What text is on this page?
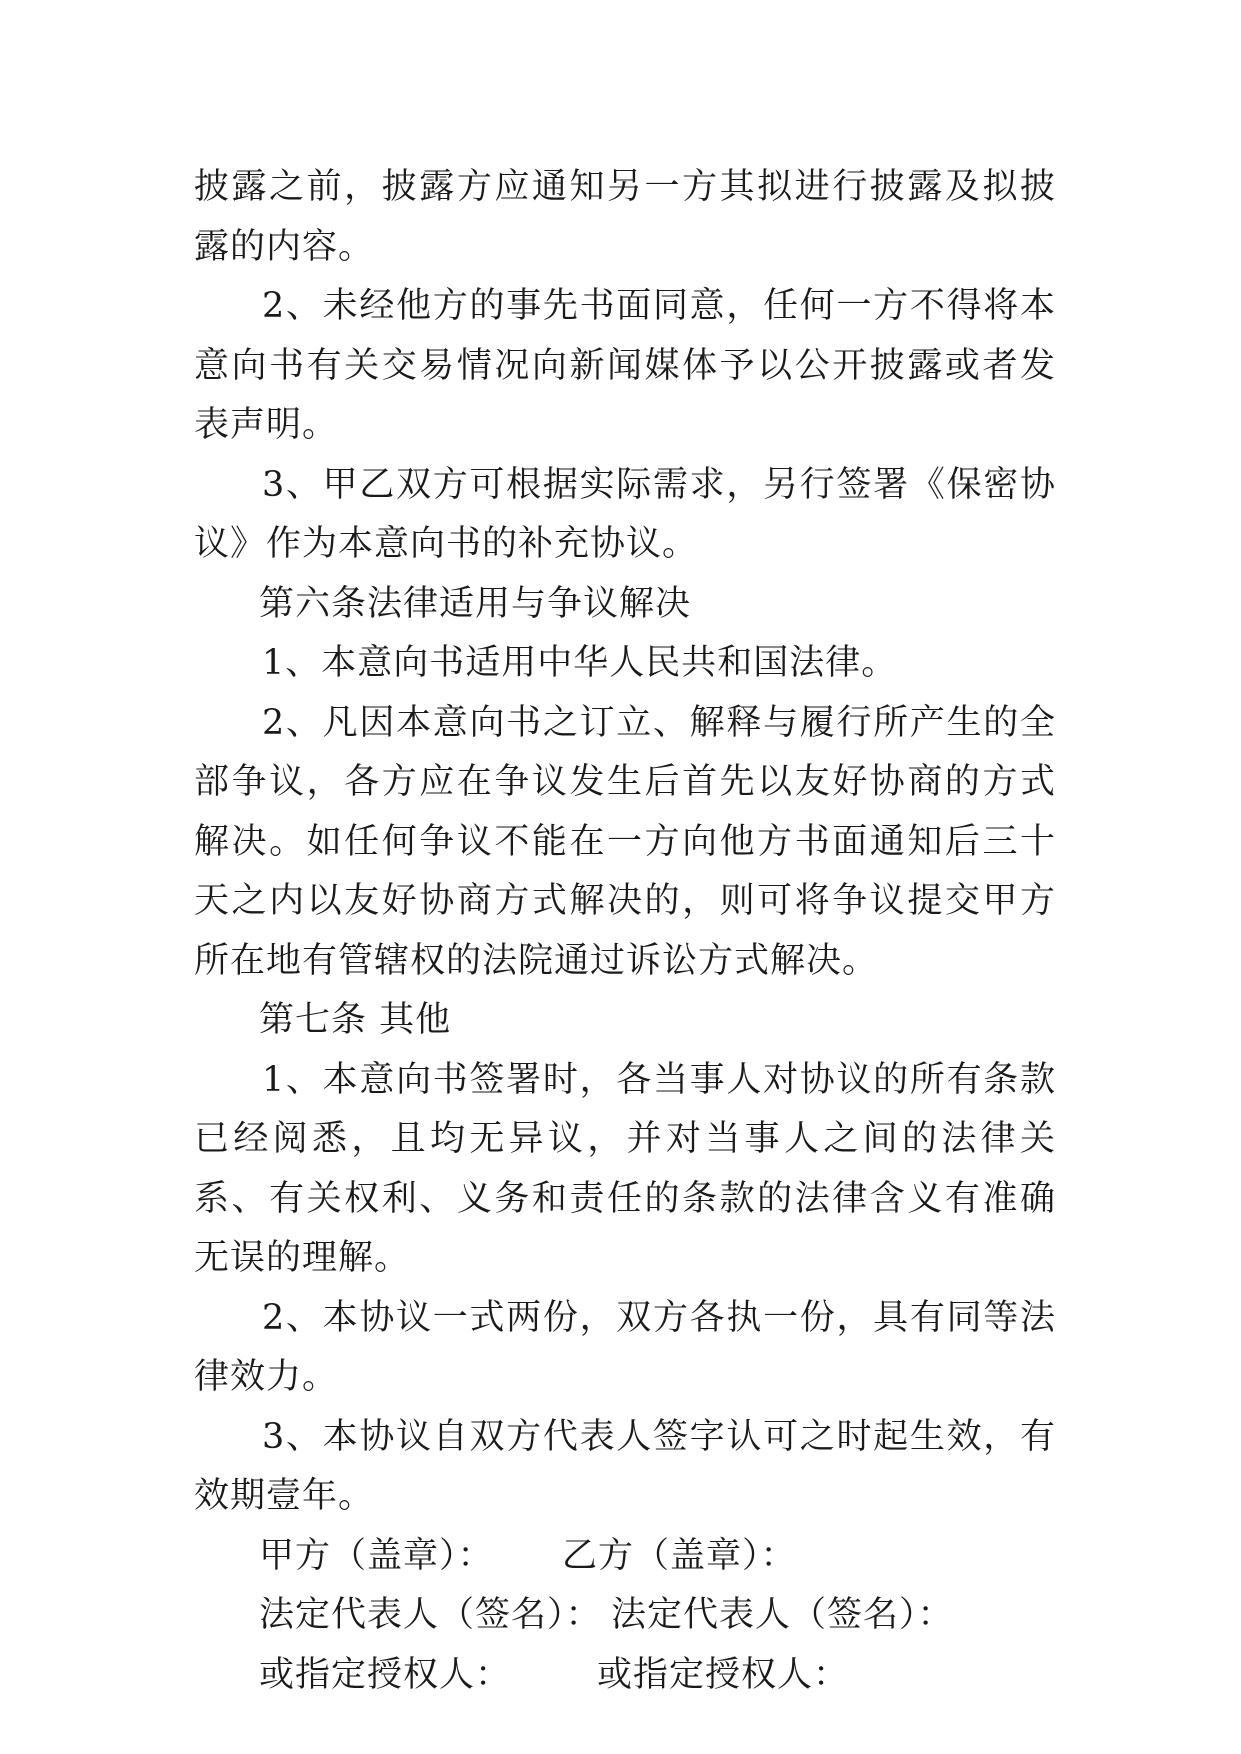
披露之前，披露方应通知另一方其拟进行披露及拟披露的内容。

2、未经他方的事先书面同意，任何一方不得将本意向书有关交易情况向新闻媒体予以公开披露或者发表声明。

3、甲乙双方可根据实际需求，另行签署《保密协议》作为本意向书的补充协议。

第六条法律适用与争议解决

1、本意向书适用中华人民共和国法律。

2、凡因本意向书之订立、解释与履行所产生的全部争议，各方应在争议发生后首先以友好协商的方式解决。如任何争议不能在一方向他方书面通知后三十天之内以友好协商方式解决的，则可将争议提交甲方所在地有管辖权的法院通过诉讼方式解决。

第七条 其他

1、本意向书签署时，各当事人对协议的所有条款已经阅悉，且均无异议，并对当事人之间的法律关系、有关权利、义务和责任的条款的法律含义有准确无误的理解。

2、本协议一式两份，双方各执一份，具有同等法律效力。

3、本协议自双方代表人签字认可之时起生效，有效期壹年。

甲方（盖章）：	乙方（盖章）：
法定代表人（签名）： 法定代表人（签名）：
或指定授权人：	或指定授权人：
